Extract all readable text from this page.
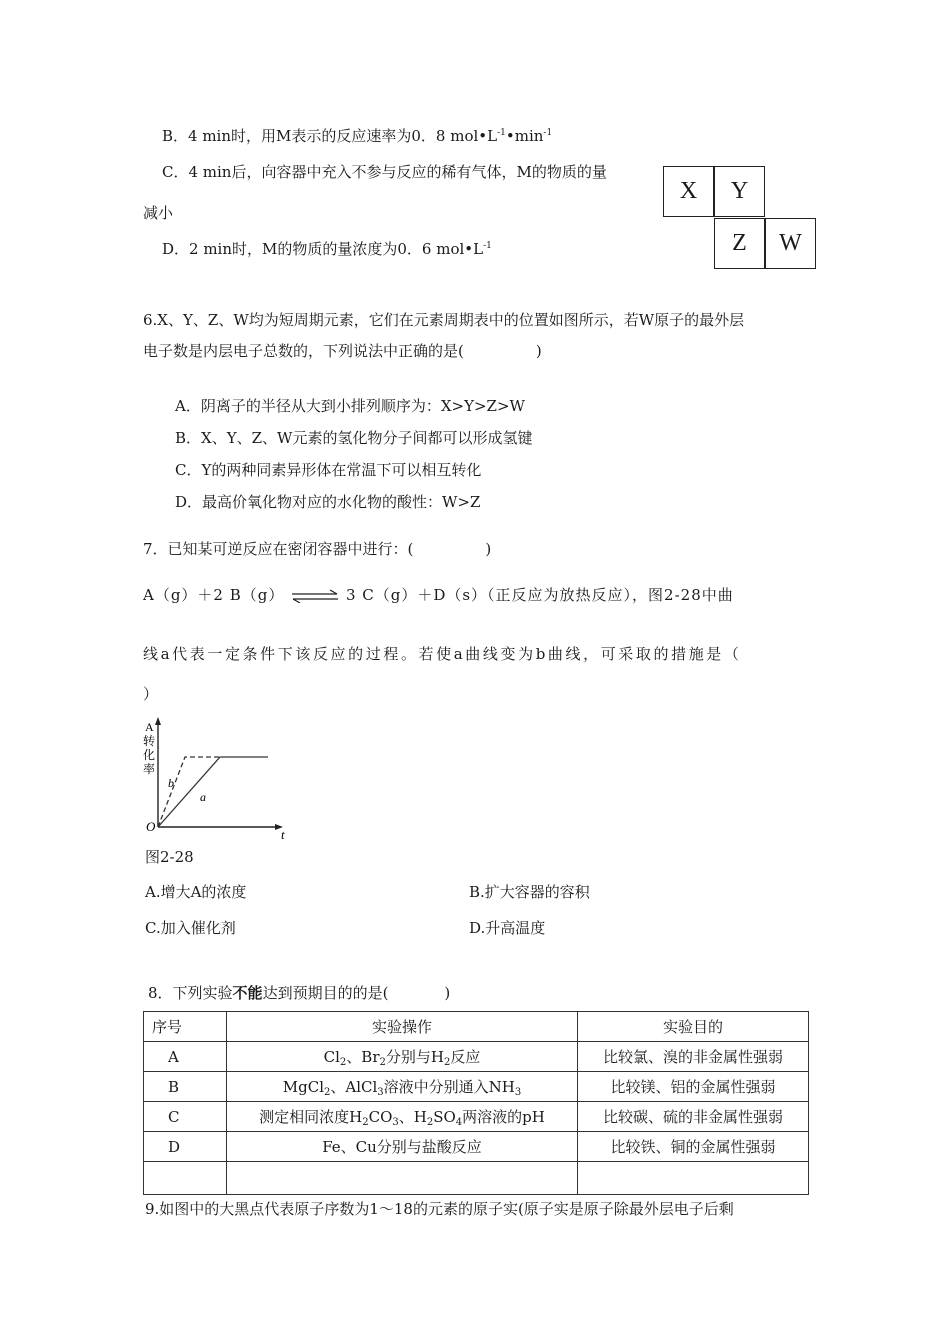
B．4 min时，用M表示的反应速率为0．8 $mol•L^{-1}•\min^{-1}$
C．4 min后，向容器中充入不参与反应的稀有气体，M的物质的量
减小
D．2 min时，M的物质的量浓度为0．6 $mol•L^{-1}$
X	Y
Z	W
6.X、Y、Z、W均为短周期元素，它们在元素周期表中的位置如图所示，若W原子的最外层
电子数是内层电子总数的，下列说法中正确的是(	)
A．阴离子的半径从大到小排列顺序为：X>Y>Z>W
B．X、Y、Z、W元素的氢化物分子间都可以形成氢键
C．Y的两种同素异形体在常温下可以相互转化
D．最高价氧化物对应的水化物的酸性：W>Z
7．已知某可逆反应在密闭容器中进行：(	)
A（g）＋2 B（g） ⇌ 3 C（g）＋D（s）（正反应为放热反应），图2-28中曲
线a代表一定条件下该反应的过程。若使a曲线变为b曲线，可采取的措施是（
）
A
转
化
率
O
t
a
b
图2-28
A.增大A的浓度	B.扩大容器的容积
C.加入催化剂	D.升高温度
8．下列实验不能达到预期目的的是(	)
序号	实验操作	实验目的
A	$Cl_2$、$Br_2$分别与$H_2$反应	比较氯、溴的非金属性强弱
B	MgCl$_2$、AlCl$_3$溶液中分别通入$NH_3$	比较镁、铝的金属性强弱
C	测定相同浓度$H_2CO_3$、$H_2SO_4$两溶液的pH	比较碳、硫的非金属性强弱
D	Fe、Cu分别与盐酸反应	比较铁、铜的金属性强弱

9.如图中的大黑点代表原子序数为1～18的元素的原子实(原子实是原子除最外层电子后剩
